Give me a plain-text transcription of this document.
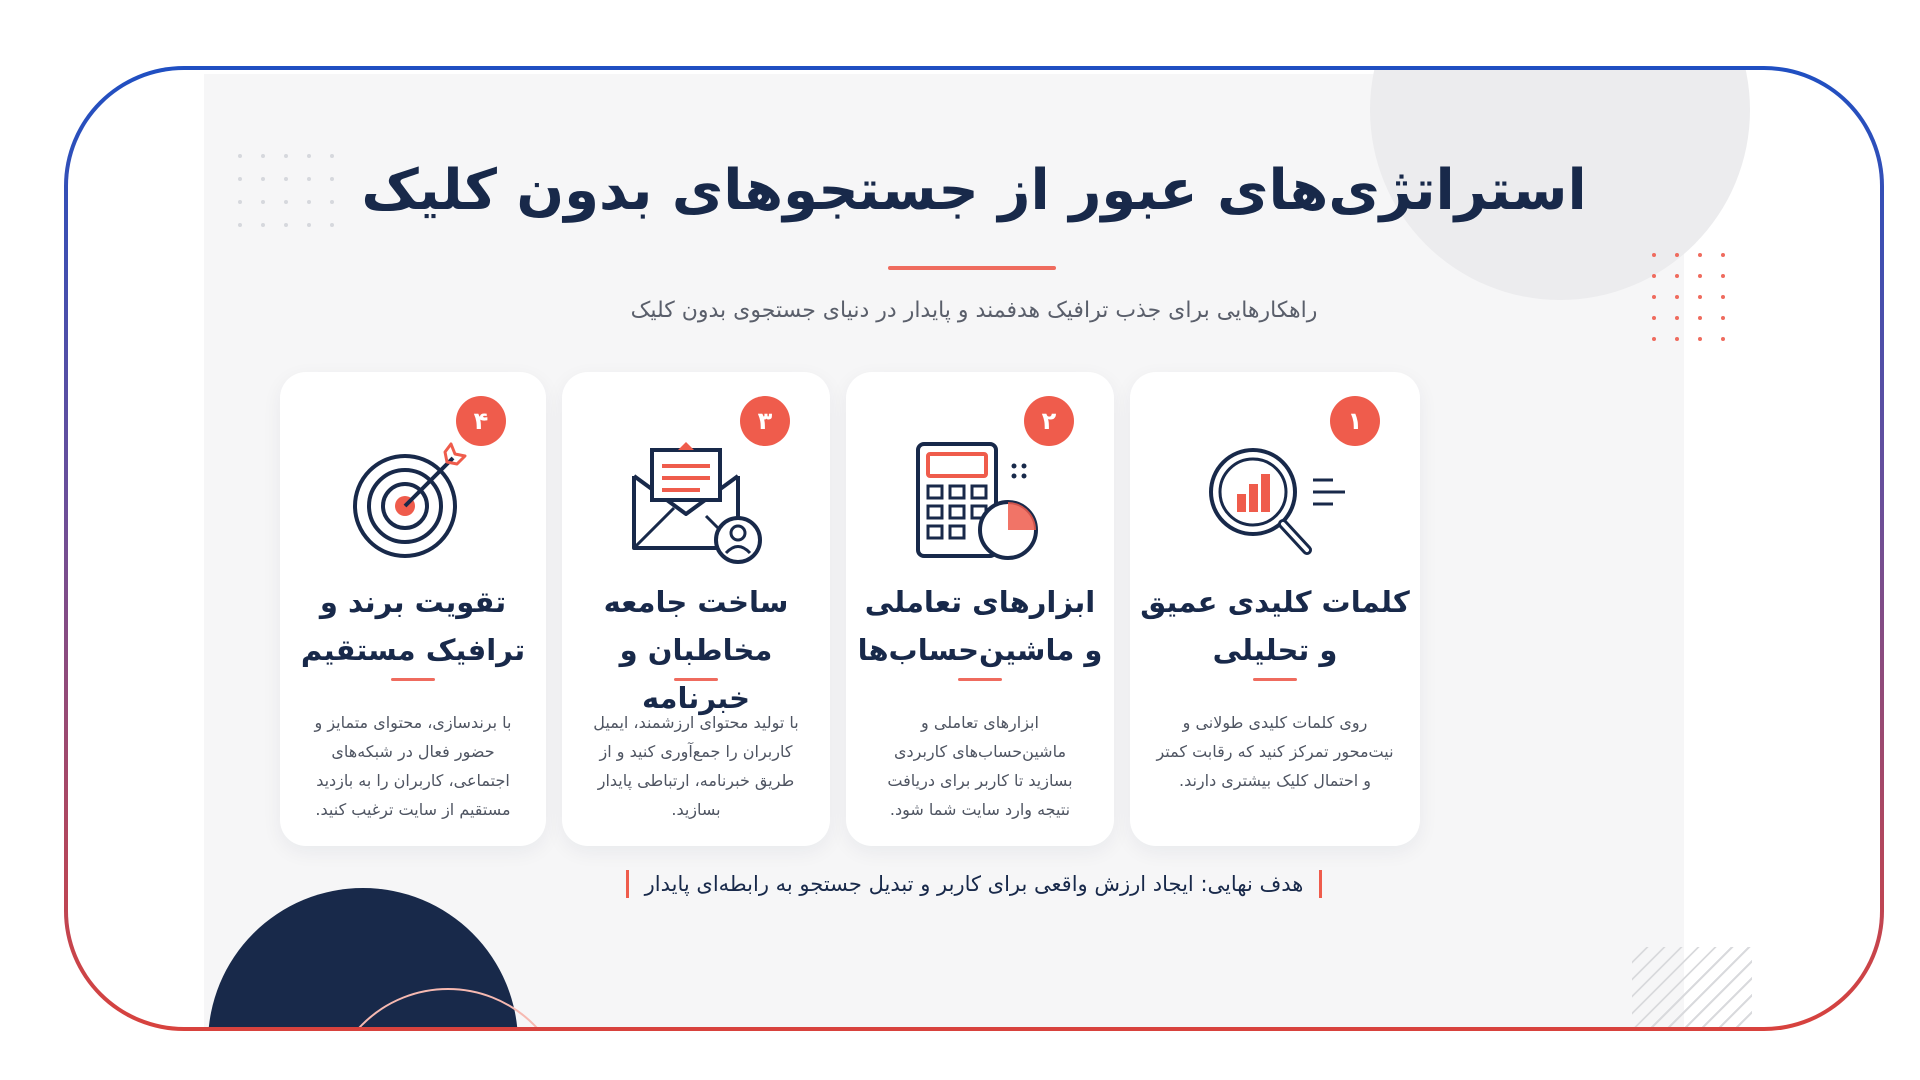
استراتژی‌های عبور از جستجوهای بدون کلیک
راهکارهایی برای جذب ترافیک هدفمند و پایدار در دنیای جستجوی بدون کلیک
۴
تقویت برند و ترافیک مستقیم
با برندسازی، محتوای متمایز و حضور فعال در شبکه‌های اجتماعی، کاربران را به بازدید مستقیم از سایت ترغیب کنید.
۳
ساخت جامعه مخاطبان و خبرنامه
با تولید محتوای ارزشمند، ایمیل کاربران را جمع‌آوری کنید و از طریق خبرنامه، ارتباطی پایدار بسازید.
۲
ابزارهای تعاملی و ماشین‌حساب‌ها
ابزارهای تعاملی و ماشین‌حساب‌های کاربردی بسازید تا کاربر برای دریافت نتیجه وارد سایت شما شود.
۱
کلمات کلیدی عمیق و تحلیلی
روی کلمات کلیدی طولانی و نیت‌محور تمرکز کنید که رقابت کمتر و احتمال کلیک بیشتری دارند.
هدف نهایی: ایجاد ارزش واقعی برای کاربر و تبدیل جستجو به رابطه‌ای پایدار
